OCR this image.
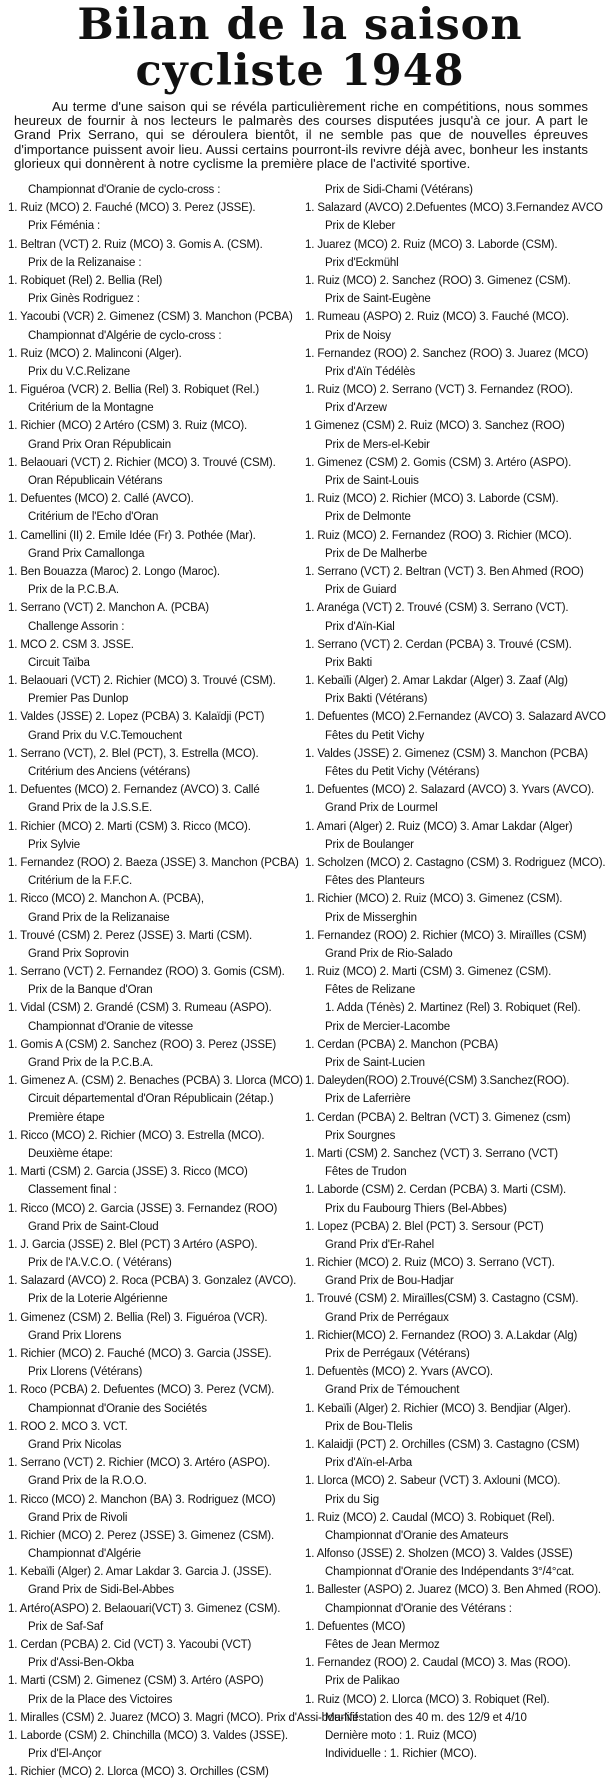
Bilan de la saison
cycliste 1948
Au terme d'une saison qui se révéla particulièrement riche en compétitions, nous sommes heureux de fournir à nos lecteurs le palmarès des courses disputées jusqu'à ce jour. A part le Grand Prix Serrano, qui se déroulera bientôt, il ne semble pas que de nouvelles épreuves d'importance puissent avoir lieu. Aussi certains pourront-ils revivre déjà avec, bonheur les instants glorieux qui donnèrent à notre cyclisme la première place de l'activité sportive.
Championnat d'Oranie de cyclo-cross :
1. Ruiz (MCO) 2. Fauché (MCO) 3. Perez (JSSE).
Prix Féménia :
1. Beltran (VCT) 2. Ruiz (MCO) 3. Gomis A. (CSM).
Prix de la Relizanaise :
1. Robiquet (Rel) 2. Bellia (Rel)
Prix Ginès Rodriguez :
1. Yacoubi (VCR) 2. Gimenez (CSM) 3. Manchon (PCBA)
Championnat d'Algérie de cyclo-cross :
1. Ruiz (MCO) 2. Malinconi (Alger).
Prix du V.C.Relizane
1. Figuéroa (VCR) 2. Bellia (Rel) 3. Robiquet (Rel.)
Critérium de la Montagne
1. Richier (MCO) 2 Artéro (CSM) 3. Ruiz (MCO).
Grand Prix Oran Républicain
1. Belaouari (VCT) 2. Richier (MCO) 3. Trouvé (CSM).
Oran Républicain Vétérans
1. Defuentes (MCO) 2. Callé (AVCO).
Critérium de l'Echo d'Oran
1. Camellini (II) 2. Emile Idée (Fr) 3. Pothée (Mar).
Grand Prix Camallonga
1. Ben Bouazza (Maroc) 2. Longo (Maroc).
Prix de la P.C.B.A.
1. Serrano (VCT) 2. Manchon A. (PCBA)
Challenge Assorin :
1. MCO 2. CSM 3. JSSE.
Circuit Taïba
1. Belaouari (VCT) 2. Richier (MCO) 3. Trouvé (CSM).
Premier Pas Dunlop
1. Valdes (JSSE) 2. Lopez (PCBA) 3. Kalaïdji (PCT)
Grand Prix du V.C.Temouchent
1. Serrano (VCT), 2. Blel (PCT), 3. Estrella (MCO).
Critérium des Anciens (vétérans)
1. Defuentes (MCO) 2. Fernandez (AVCO) 3. Callé
Grand Prix de la J.S.S.E.
1. Richier (MCO) 2. Marti (CSM) 3. Ricco (MCO).
Prix Sylvie
1. Fernandez (ROO) 2. Baeza (JSSE) 3. Manchon (PCBA)
Critérium de la F.F.C.
1. Ricco (MCO) 2. Manchon A. (PCBA),
Grand Prix de la Relizanaise
1. Trouvé (CSM) 2. Perez (JSSE) 3. Marti (CSM).
Grand Prix Soprovin
1. Serrano (VCT) 2. Fernandez (ROO) 3. Gomis (CSM).
Prix de la Banque d'Oran
1. Vidal (CSM) 2. Grandé (CSM) 3. Rumeau (ASPO).
Championnat d'Oranie de vitesse
1. Gomis A (CSM) 2. Sanchez (ROO) 3. Perez (JSSE)
Grand Prix de la P.C.B.A.
1. Gimenez A. (CSM) 2. Benaches (PCBA) 3. Llorca (MCO)
Circuit départemental d'Oran Républicain (2étap.)
Première étape
1. Ricco (MCO) 2. Richier (MCO) 3. Estrella (MCO).
Deuxième étape:
1. Marti (CSM) 2. Garcia (JSSE) 3. Ricco (MCO)
Classement final :
1. Ricco (MCO) 2. Garcia (JSSE) 3. Fernandez (ROO)
Grand Prix de Saint-Cloud
1. J. Garcia (JSSE) 2. Blel (PCT) 3 Artéro (ASPO).
Prix de l'A.V.C.O. ( Vétérans)
1. Salazard (AVCO) 2. Roca (PCBA) 3. Gonzalez (AVCO).
Prix de la Loterie Algérienne
1. Gimenez (CSM) 2. Bellia (Rel) 3. Figuéroa (VCR).
Grand Prix Llorens
1. Richier (MCO) 2. Fauché (MCO) 3. Garcia (JSSE).
Prix Llorens (Vétérans)
1. Roco (PCBA) 2. Defuentes (MCO) 3. Perez (VCM).
Championnat d'Oranie des Sociétés
1. ROO 2. MCO 3. VCT.
Grand Prix Nicolas
1. Serrano (VCT) 2. Richier (MCO) 3. Artéro (ASPO).
Grand Prix de la R.O.O.
1. Ricco (MCO) 2. Manchon (BA) 3. Rodriguez (MCO)
Grand Prix de Rivoli
1. Richier (MCO) 2. Perez (JSSE) 3. Gimenez (CSM).
Championnat d'Algérie
1. Kebaïli (Alger) 2. Amar Lakdar 3. Garcia J. (JSSE).
Grand Prix de Sidi-Bel-Abbes
1. Artéro(ASPO) 2. Belaouari(VCT) 3. Gimenez (CSM).
Prix de Saf-Saf
1. Cerdan (PCBA) 2. Cid (VCT) 3. Yacoubi (VCT)
Prix d'Assi-Ben-Okba
1. Marti (CSM) 2. Gimenez (CSM) 3. Artéro (ASPO)
Prix de la Place des Victoires
1. Miralles (CSM) 2. Juarez (MCO) 3. Magri (MCO). Prix d'Assi-bou-Nif
1. Laborde (CSM) 2. Chinchilla (MCO) 3. Valdes (JSSE).
Prix d'El-Ançor
1. Richier (MCO) 2. Llorca (MCO) 3. Orchilles (CSM)
Prix de Sidi-Chami (Vétérans)
1. Salazard (AVCO) 2.Defuentes (MCO) 3.Fernandez AVCO
Prix de Kleber
1. Juarez (MCO) 2. Ruiz (MCO) 3. Laborde (CSM).
Prix d'Eckmühl
1. Ruiz (MCO) 2. Sanchez (ROO) 3. Gimenez (CSM).
Prix de Saint-Eugène
1. Rumeau (ASPO) 2. Ruiz (MCO) 3. Fauché (MCO).
Prix de Noisy
1. Fernandez (ROO) 2. Sanchez (ROO) 3. Juarez (MCO)
Prix d'Aïn Tédélès
1. Ruiz (MCO) 2. Serrano (VCT) 3. Fernandez (ROO).
Prix d'Arzew
1 Gimenez (CSM) 2. Ruiz (MCO) 3. Sanchez (ROO)
Prix de Mers-el-Kebir
1. Gimenez (CSM) 2. Gomis (CSM) 3. Artéro (ASPO).
Prix de Saint-Louis
1. Ruiz (MCO) 2. Richier (MCO) 3. Laborde (CSM).
Prix de Delmonte
1. Ruiz (MCO) 2. Fernandez (ROO) 3. Richier (MCO).
Prix de De Malherbe
1. Serrano (VCT) 2. Beltran (VCT) 3. Ben Ahmed (ROO)
Prix de Guiard
1. Aranéga (VCT) 2. Trouvé (CSM) 3. Serrano (VCT).
Prix d'Aïn-Kial
1. Serrano (VCT) 2. Cerdan (PCBA) 3. Trouvé (CSM).
Prix Bakti
1. Kebaïli (Alger) 2. Amar Lakdar (Alger) 3. Zaaf (Alg)
Prix Bakti (Vétérans)
1. Defuentes (MCO) 2.Fernandez (AVCO) 3. Salazard AVCO
Fêtes du Petit Vichy
1. Valdes (JSSE) 2. Gimenez (CSM) 3. Manchon (PCBA)
Fêtes du Petit Vichy (Vétérans)
1. Defuentes (MCO) 2. Salazard (AVCO) 3. Yvars (AVCO).
Grand Prix de Lourmel
1. Amari (Alger) 2. Ruiz (MCO) 3. Amar Lakdar (Alger)
Prix de Boulanger
1. Scholzen (MCO) 2. Castagno (CSM) 3. Rodriguez (MCO).
Fêtes des Planteurs
1. Richier (MCO) 2. Ruiz (MCO) 3. Gimenez (CSM).
Prix de Misserghin
1. Fernandez (ROO) 2. Richier (MCO) 3. Miraïlles (CSM)
Grand Prix de Rio-Salado
1. Ruiz (MCO) 2. Marti (CSM) 3. Gimenez (CSM).
Fêtes de Relizane
1. Adda (Ténès) 2. Martinez (Rel) 3. Robiquet (Rel).
Prix de Mercier-Lacombe
1. Cerdan (PCBA) 2. Manchon (PCBA)
Prix de Saint-Lucien
1. Daleyden(ROO) 2.Trouvé(CSM) 3.Sanchez(ROO).
Prix de Laferrière
1. Cerdan (PCBA) 2. Beltran (VCT) 3. Gimenez (csm)
Prix Sourgnes
1. Marti (CSM) 2. Sanchez (VCT) 3. Serrano (VCT)
Fêtes de Trudon
1. Laborde (CSM) 2. Cerdan (PCBA) 3. Marti (CSM).
Prix du Faubourg Thiers (Bel-Abbes)
1. Lopez (PCBA) 2. Blel (PCT) 3. Sersour (PCT)
Grand Prix d'Er-Rahel
1. Richier (MCO) 2. Ruiz (MCO) 3. Serrano (VCT).
Grand Prix de Bou-Hadjar
1. Trouvé (CSM) 2. Miraïlles(CSM) 3. Castagno (CSM).
Grand Prix de Perrégaux
1. Richier(MCO) 2. Fernandez (ROO) 3. A.Lakdar (Alg)
Prix de Perrégaux (Vétérans)
1. Defuentès (MCO) 2. Yvars (AVCO).
Grand Prix de Témouchent
1. Kebaïli (Alger) 2. Richier (MCO) 3. Bendjiar (Alger).
Prix de Bou-Tlelis
1. Kalaidji (PCT) 2. Orchilles (CSM) 3. Castagno (CSM)
Prix d'Aïn-el-Arba
1. Llorca (MCO) 2. Sabeur (VCT) 3. Axlouni (MCO).
Prix du Sig
1. Ruiz (MCO) 2. Caudal (MCO) 3. Robiquet (Rel).
Championnat d'Oranie des Amateurs
1. Alfonso (JSSE) 2. Sholzen (MCO) 3. Valdes (JSSE)
Championnat d'Oranie des Indépendants 3°/4°cat.
1. Ballester (ASPO) 2. Juarez (MCO) 3. Ben Ahmed (ROO).
Championnat d'Oranie des Vétérans :
1. Defuentes (MCO)
Fêtes de Jean Mermoz
1. Fernandez (ROO) 2. Caudal (MCO) 3. Mas (ROO).
Prix de Palikao
1. Ruiz (MCO) 2. Llorca (MCO) 3. Robiquet (Rel).
Manifestation des 40 m. des 12/9 et 4/10
Dernière moto : 1. Ruiz (MCO)
Individuelle : 1. Richier (MCO).
